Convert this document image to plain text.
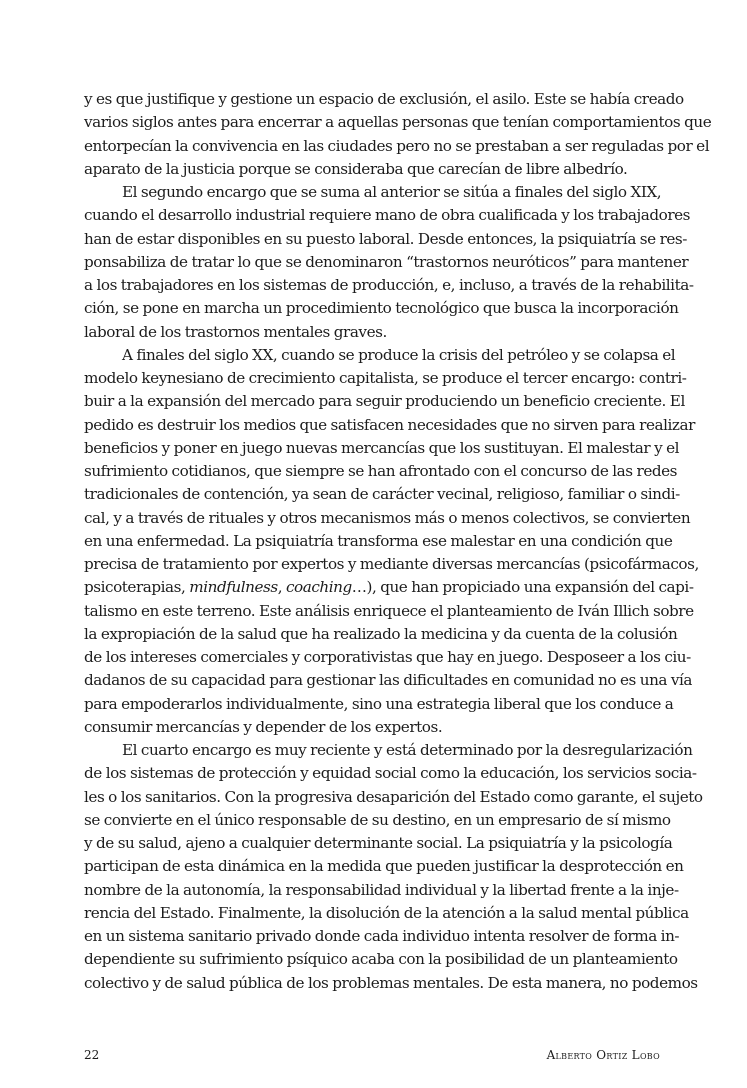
y es que justifique y gestione un espacio de exclusión, el asilo. Este se había creado
varios siglos antes para encerrar a aquellas personas que tenían comportamientos que
entorpecían la convivencia en las ciudades pero no se prestaban a ser reguladas por el
aparato de la justicia porque se consideraba que carecían de libre albedrío.
El segundo encargo que se suma al anterior se sitúa a finales del siglo XIX,
cuando el desarrollo industrial requiere mano de obra cualificada y los trabajadores
han de estar disponibles en su puesto laboral. Desde entonces, la psiquiatría se res-
ponsabiliza de tratar lo que se denominaron “trastornos neuróticos” para mantener
a los trabajadores en los sistemas de producción, e, incluso, a través de la rehabilita-
ción, se pone en marcha un procedimiento tecnológico que busca la incorporación
laboral de los trastornos mentales graves.
A finales del siglo XX, cuando se produce la crisis del petróleo y se colapsa el
modelo keynesiano de crecimiento capitalista, se produce el tercer encargo: contri-
buir a la expansión del mercado para seguir produciendo un beneficio creciente. El
pedido es destruir los medios que satisfacen necesidades que no sirven para realizar
beneficios y poner en juego nuevas mercancías que los sustituyan. El malestar y el
sufrimiento cotidianos, que siempre se han afrontado con el concurso de las redes
tradicionales de contención, ya sean de carácter vecinal, religioso, familiar o sindi-
cal, y a través de rituales y otros mecanismos más o menos colectivos, se convierten
en una enfermedad. La psiquiatría transforma ese malestar en una condición que
precisa de tratamiento por expertos y mediante diversas mercancías (psicofármacos,
psicoterapias, mindfulness, coaching…), que han propiciado una expansión del capi-
talismo en este terreno. Este análisis enriquece el planteamiento de Iván Illich sobre
la expropiación de la salud que ha realizado la medicina y da cuenta de la colusión
de los intereses comerciales y corporativistas que hay en juego. Desposeer a los ciu-
dadanos de su capacidad para gestionar las dificultades en comunidad no es una vía
para empoderarlos individualmente, sino una estrategia liberal que los conduce a
consumir mercancías y depender de los expertos.
El cuarto encargo es muy reciente y está determinado por la desregularización
de los sistemas de protección y equidad social como la educación, los servicios socia-
les o los sanitarios. Con la progresiva desaparición del Estado como garante, el sujeto
se convierte en el único responsable de su destino, en un empresario de sí mismo
y de su salud, ajeno a cualquier determinante social. La psiquiatría y la psicología
participan de esta dinámica en la medida que pueden justificar la desprotección en
nombre de la autonomía, la responsabilidad individual y la libertad frente a la inje-
rencia del Estado. Finalmente, la disolución de la atención a la salud mental pública
en un sistema sanitario privado donde cada individuo intenta resolver de forma in-
dependiente su sufrimiento psíquico acaba con la posibilidad de un planteamiento
colectivo y de salud pública de los problemas mentales. De esta manera, no podemos
22	Alberto Ortiz Lobo
